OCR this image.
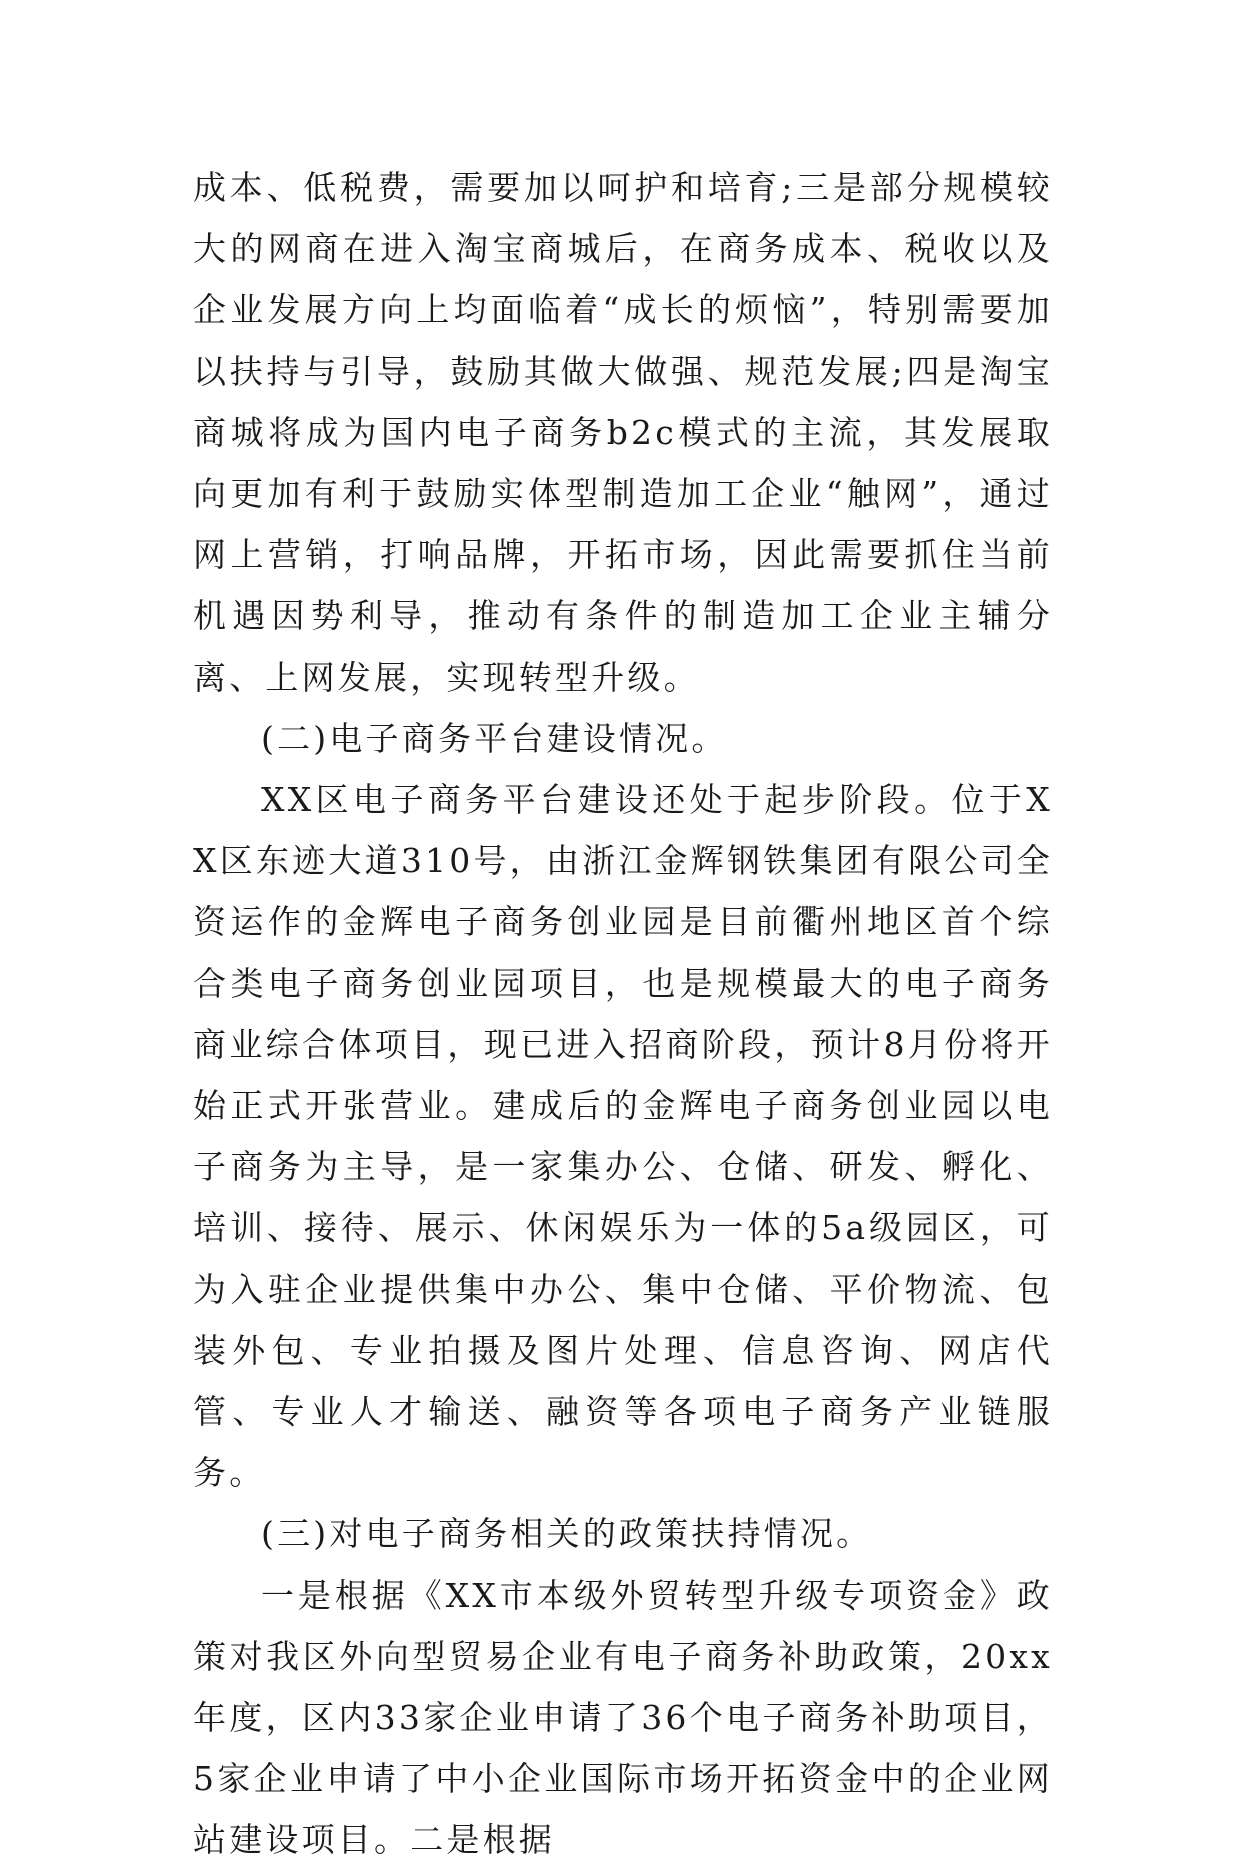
成本、低税费，需要加以呵护和培育;三是部分规模较大的网商在进入淘宝商城后，在商务成本、税收以及企业发展方向上均面临着“成长的烦恼”，特别需要加以扶持与引导，鼓励其做大做强、规范发展;四是淘宝商城将成为国内电子商务b2c模式的主流，其发展取向更加有利于鼓励实体型制造加工企业“触网”，通过网上营销，打响品牌，开拓市场，因此需要抓住当前机遇因势利导，推动有条件的制造加工企业主辅分离、上网发展，实现转型升级。

(二)电子商务平台建设情况。

XX区电子商务平台建设还处于起步阶段。位于XX区东迹大道310号，由浙江金辉钢铁集团有限公司全资运作的金辉电子商务创业园是目前衢州地区首个综合类电子商务创业园项目，也是规模最大的电子商务商业综合体项目，现已进入招商阶段，预计8月份将开始正式开张营业。建成后的金辉电子商务创业园以电子商务为主导，是一家集办公、仓储、研发、孵化、培训、接待、展示、休闲娱乐为一体的5a级园区，可为入驻企业提供集中办公、集中仓储、平价物流、包装外包、专业拍摄及图片处理、信息咨询、网店代管、专业人才输送、融资等各项电子商务产业链服务。

(三)对电子商务相关的政策扶持情况。

一是根据《XX市本级外贸转型升级专项资金》政策对我区外向型贸易企业有电子商务补助政策，20xx年度，区内33家企业申请了36个电子商务补助项目，5家企业申请了中小企业国际市场开拓资金中的企业网站建设项目。二是根据
